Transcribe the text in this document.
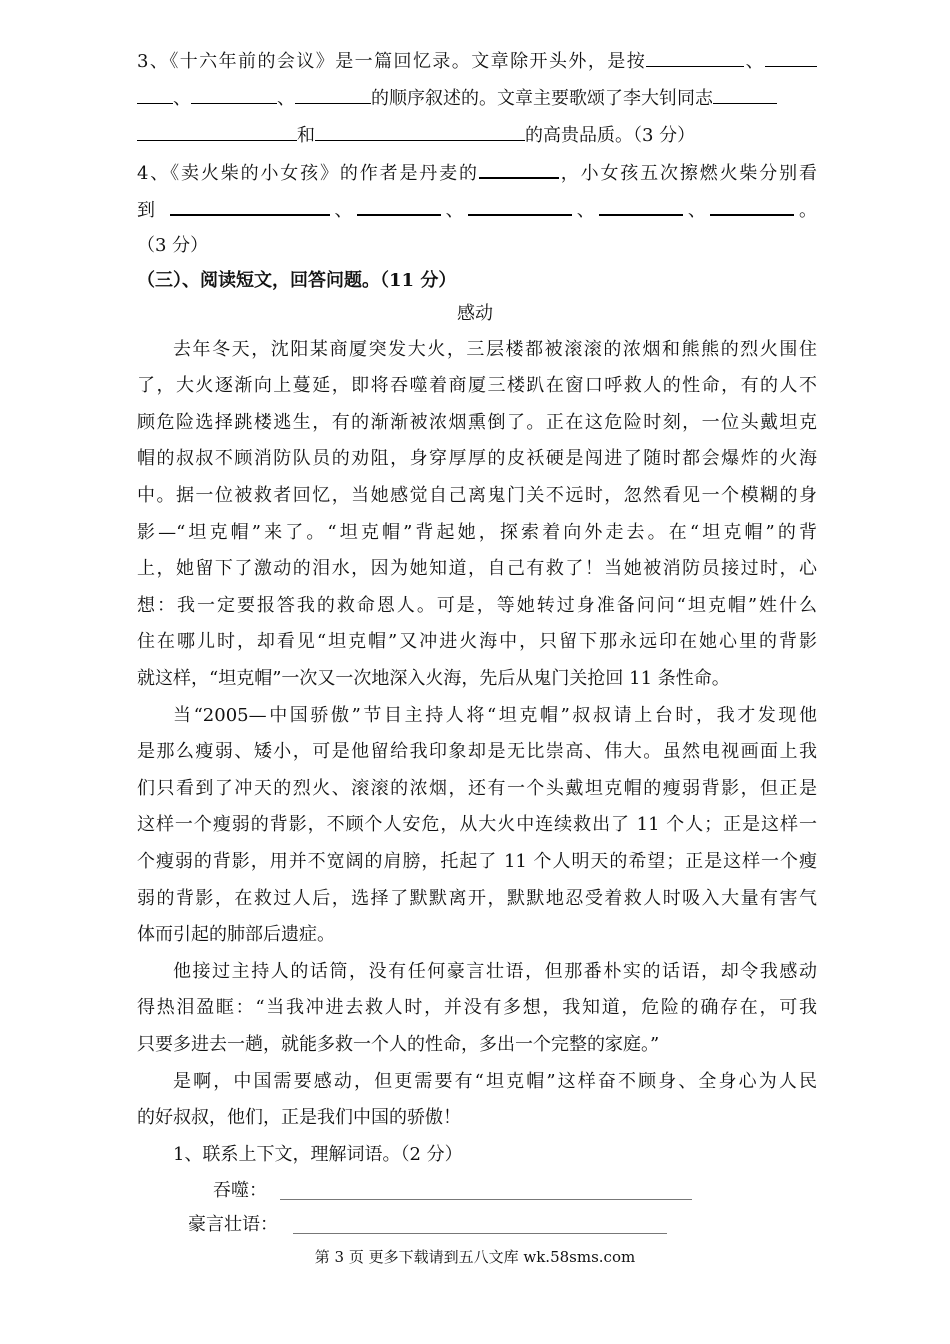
3、《十六年前的会议》是一篇回忆录。文章除开头外，是按	、
、	、	的顺序叙述的。文章主要歌颂了李大钊同志
和	的高贵品质。（3 分）
4、《卖火柴的小女孩》的作者是丹麦的	，小女孩五次擦燃火柴分别看
到	、	、	、	、	。
（3 分）
（三）、阅读短文，回答问题。（11 分）
感动
去年冬天，沈阳某商厦突发大火，三层楼都被滚滚的浓烟和熊熊的烈火围住
了，大火逐渐向上蔓延，即将吞噬着商厦三楼趴在窗口呼救人的性命，有的人不
顾危险选择跳楼逃生，有的渐渐被浓烟熏倒了。正在这危险时刻，一位头戴坦克
帽的叔叔不顾消防队员的劝阻，身穿厚厚的皮袄硬是闯进了随时都会爆炸的火海
中。据一位被救者回忆，当她感觉自己离鬼门关不远时，忽然看见一个模糊的身
影—“坦克帽”来了。“坦克帽”背起她，探索着向外走去。在“坦克帽”的背
上，她留下了激动的泪水，因为她知道，自己有救了！当她被消防员接过时，心
想：我一定要报答我的救命恩人。可是，等她转过身准备问问“坦克帽”姓什么
住在哪儿时，却看见“坦克帽”又冲进火海中，只留下那永远印在她心里的背影
就这样，“坦克帽”一次又一次地深入火海，先后从鬼门关抢回 11 条性命。
当“2005—中国骄傲”节目主持人将“坦克帽”叔叔请上台时，我才发现他
是那么瘦弱、矮小，可是他留给我印象却是无比崇高、伟大。虽然电视画面上我
们只看到了冲天的烈火、滚滚的浓烟，还有一个头戴坦克帽的瘦弱背影，但正是
这样一个瘦弱的背影，不顾个人安危，从大火中连续救出了 11 个人；正是这样一
个瘦弱的背影，用并不宽阔的肩膀，托起了 11 个人明天的希望；正是这样一个瘦
弱的背影，在救过人后，选择了默默离开，默默地忍受着救人时吸入大量有害气
体而引起的肺部后遗症。
他接过主持人的话筒，没有任何豪言壮语，但那番朴实的话语，却令我感动
得热泪盈眶：“当我冲进去救人时，并没有多想，我知道，危险的确存在，可我
只要多进去一趟，就能多救一个人的性命，多出一个完整的家庭。”
是啊，中国需要感动，但更需要有“坦克帽”这样奋不顾身、全身心为人民
的好叔叔，他们，正是我们中国的骄傲！
1、联系上下文，理解词语。（2 分）
吞噬：
豪言壮语：
第 3 页 更多下载请到五八文库 wk.58sms.com
